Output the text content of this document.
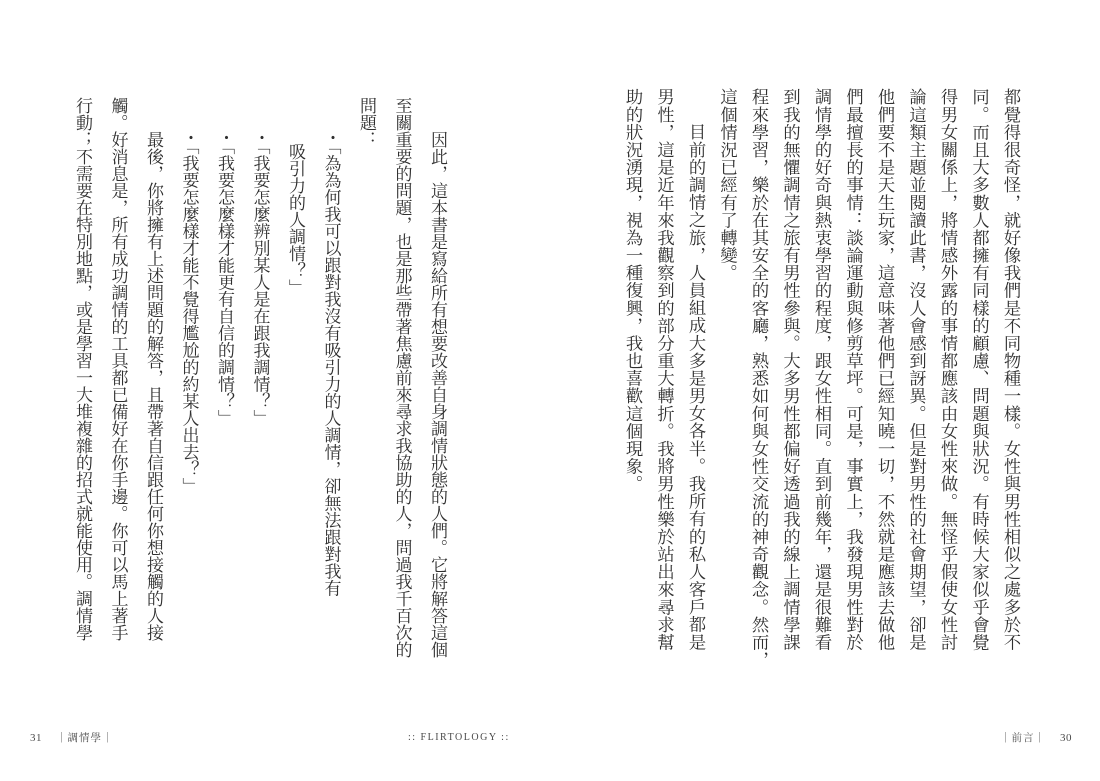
因此，這本書是寫給所有想要改善自身調情狀態的人們。它將解答這個
至關重要的問題，也是那些帶著焦慮前來尋求我協助的人，問過我千百次的
問題：
・「為為何我可以跟對我沒有吸引力的人調情，卻無法跟對我有
吸引力的人調情？」
・「我要怎麼辨別某人是在跟我調情？」
・「我要怎麼樣才能更有自信的調情？」
・「我要怎麼樣才能不覺得尷尬的約某人出去？」
最後，你將擁有上述問題的解答，且帶著自信跟任何你想接觸的人接
觸。好消息是，所有成功調情的工具都已備好在你手邊。你可以馬上著手
行動；不需要在特別地點，或是學習一大堆複雜的招式就能使用。調情學	都覺得很奇怪，就好像我們是不同物種一樣。女性與男性相似之處多於不
同。而且大多數人都擁有同樣的顧慮、問題與狀況。有時候大家似乎會覺
得男女關係上，將情感外露的事情都應該由女性來做。無怪乎假使女性討
論這類主題並閱讀此書，沒人會感到訝異。但是對男性的社會期望，卻是
他們要不是天生玩家，這意味著他們已經知曉一切，不然就是應該去做他
們最擅長的事情：談論運動與修剪草坪。可是，事實上，我發現男性對於
調情學的好奇與熱衷學習的程度，跟女性相同。直到前幾年，還是很難看
到我的無懼調情之旅有男性參與。大多男性都偏好透過我的線上調情學課
程來學習，樂於在其安全的客廳，熟悉如何與女性交流的神奇觀念。然而，
這個情況已經有了轉變。
目前的調情之旅，人員組成大多是男女各半。我所有的私人客戶都是
男性，這是近年來我觀察到的部分重大轉折。我將男性樂於站出來尋求幫
助的狀況湧現，視為一種復興，我也喜歡這個現象。
31 ｜調情學｜	:: FLIRTOLOGY ::	｜前言｜ 30
